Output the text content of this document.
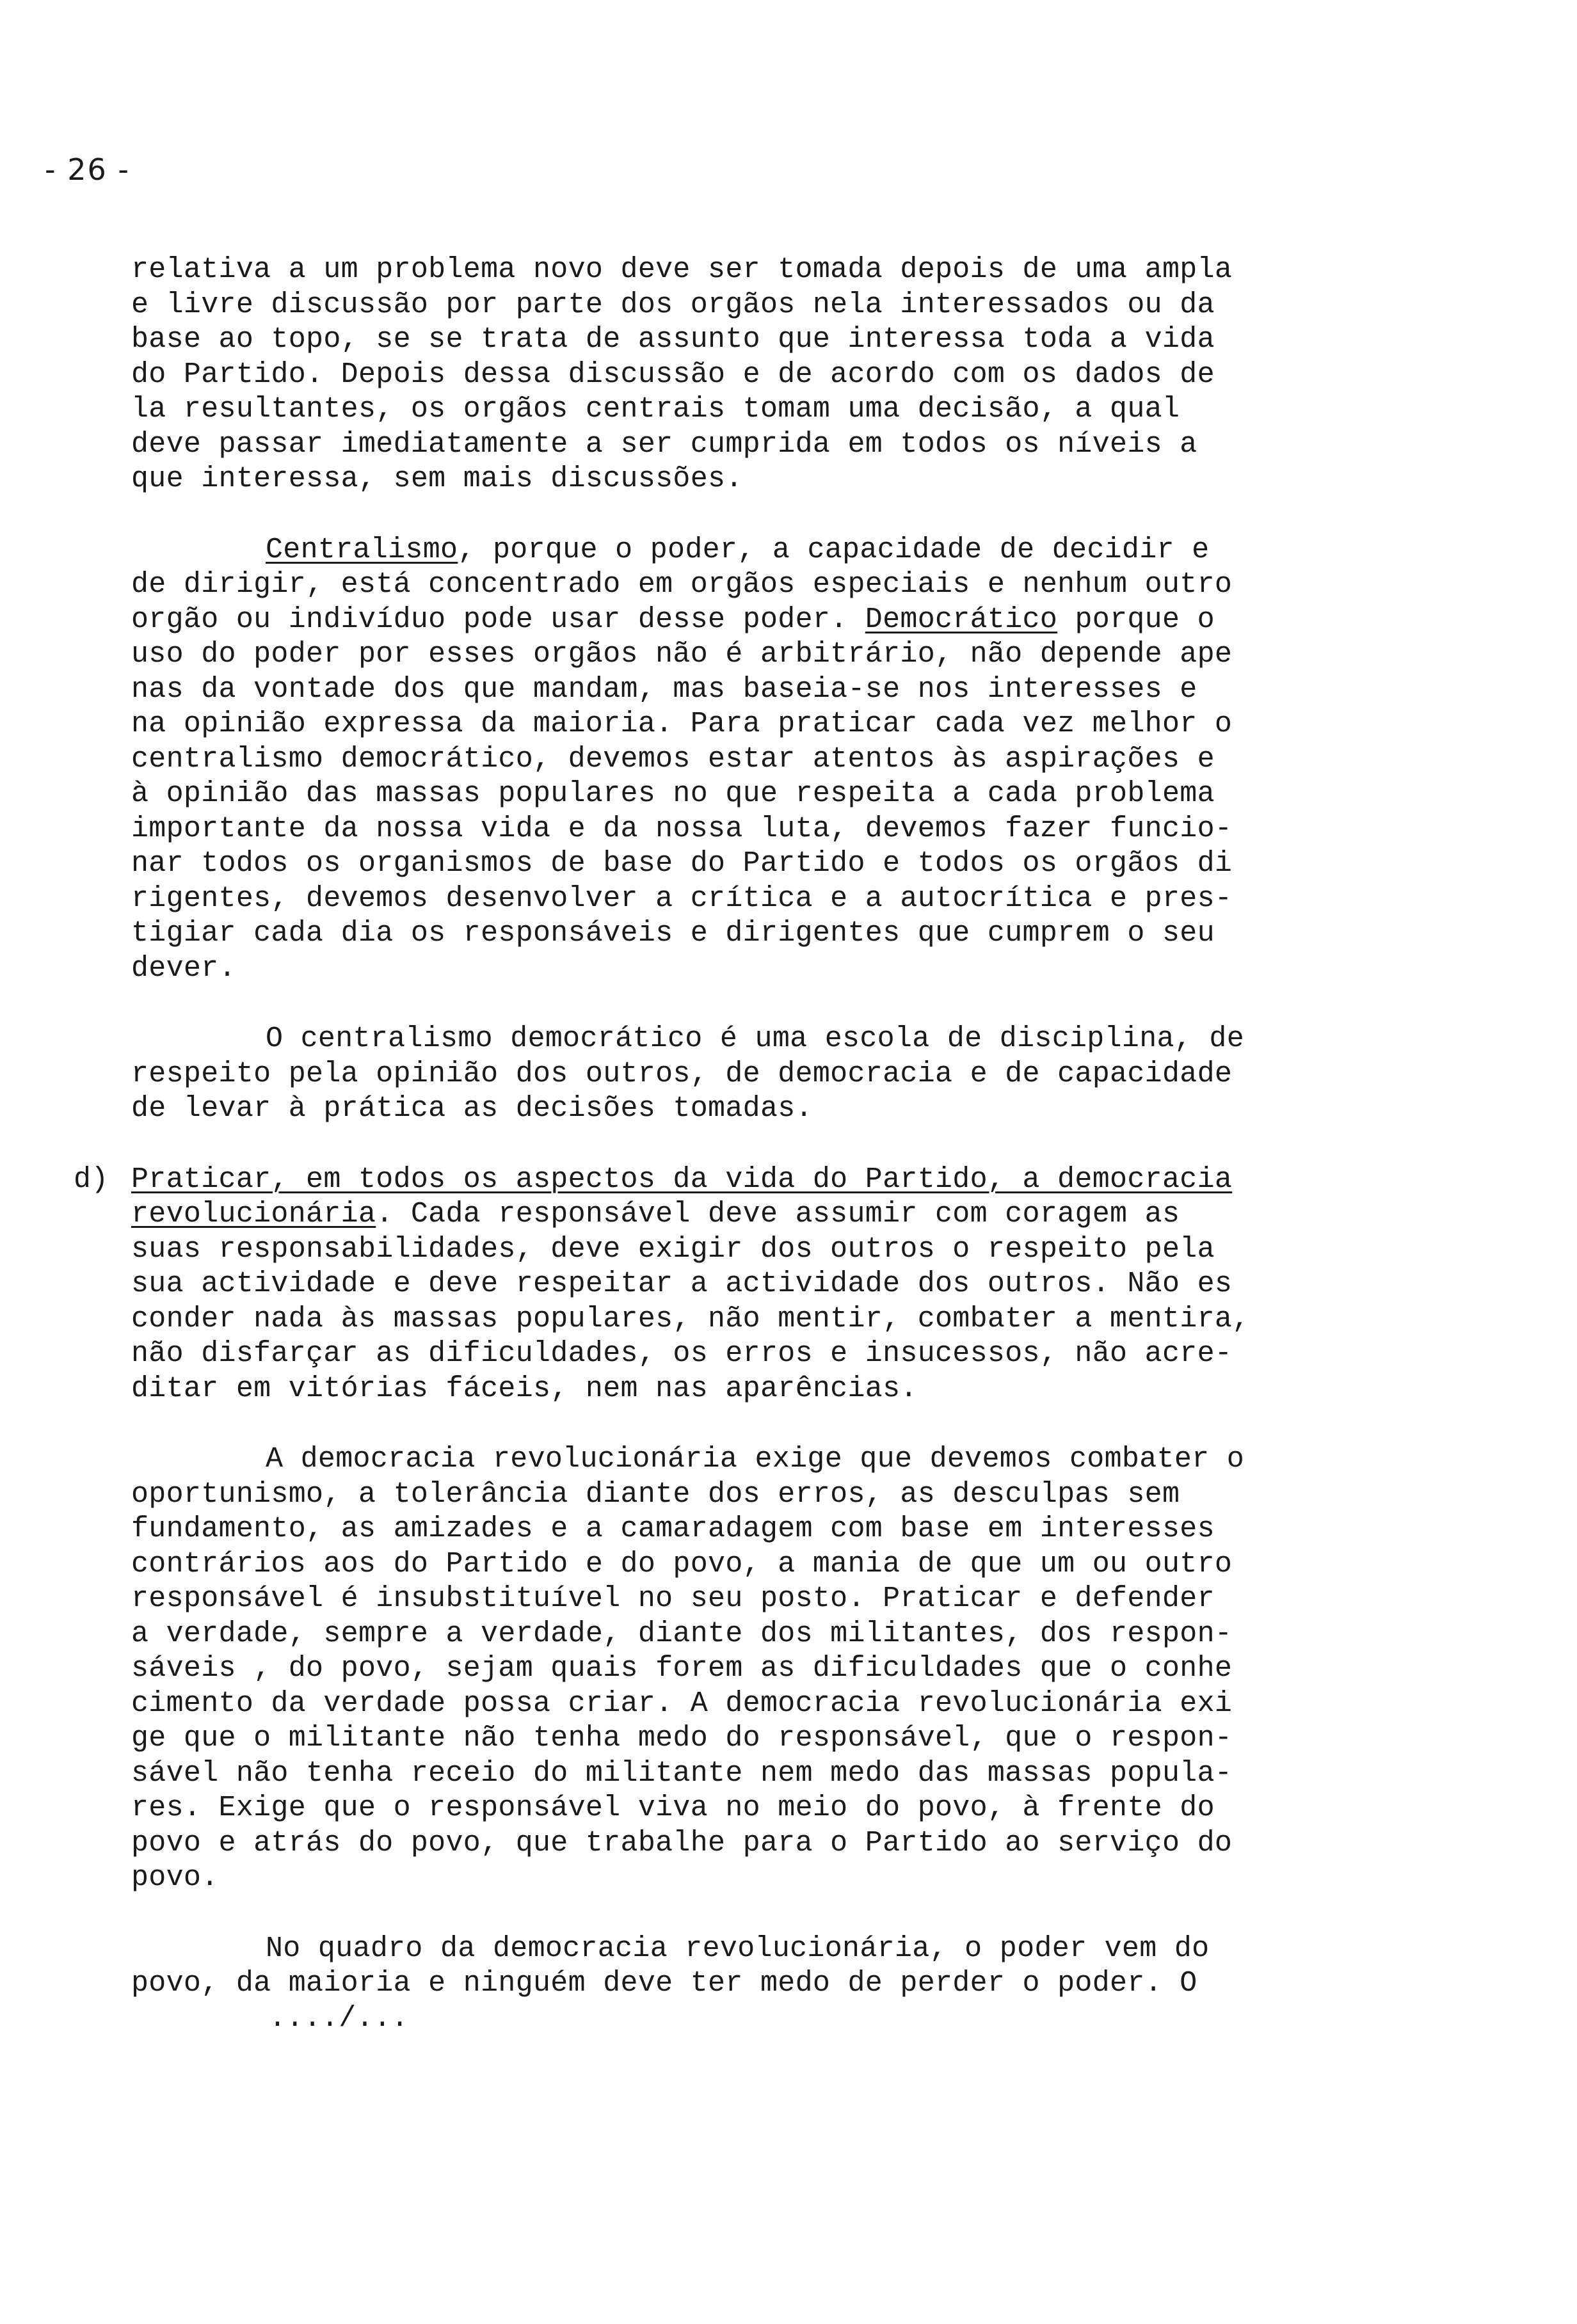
- 26 -
relativa a um problema novo deve ser tomada depois de uma ampla
e livre discussão por parte dos orgãos nela interessados ou da
base ao topo, se se trata de assunto que interessa toda a vida
do Partido. Depois dessa discussão e de acordo com os dados de
la resultantes, os orgãos centrais tomam uma decisão, a qual
deve passar imediatamente a ser cumprida em todos os níveis a
que interessa, sem mais discussões.
Centralismo, porque o poder, a capacidade de decidir e
de dirigir, está concentrado em orgãos especiais e nenhum outro
orgão ou indivíduo pode usar desse poder. Democrático porque o
uso do poder por esses orgãos não é arbitrário, não depende ape
nas da vontade dos que mandam, mas baseia-se nos interesses e
na opinião expressa da maioria. Para praticar cada vez melhor o
centralismo democrático, devemos estar atentos às aspirações e
à opinião das massas populares no que respeita a cada problema
importante da nossa vida e da nossa luta, devemos fazer funcio-
nar todos os organismos de base do Partido e todos os orgãos di
rigentes, devemos desenvolver a crítica e a autocrítica e pres-
tigiar cada dia os responsáveis e dirigentes que cumprem o seu
dever.
O centralismo democrático é uma escola de disciplina, de
respeito pela opinião dos outros, de democracia e de capacidade
de levar à prática as decisões tomadas.
d) Praticar, em todos os aspectos da vida do Partido, a democracia
revolucionária. Cada responsável deve assumir com coragem as
suas responsabilidades, deve exigir dos outros o respeito pela
sua actividade e deve respeitar a actividade dos outros. Não es
conder nada às massas populares, não mentir, combater a mentira,
não disfarçar as dificuldades, os erros e insucessos, não acre-
ditar em vitórias fáceis, nem nas aparências.
A democracia revolucionária exige que devemos combater o
oportunismo, a tolerância diante dos erros, as desculpas sem
fundamento, as amizades e a camaradagem com base em interesses
contrários aos do Partido e do povo, a mania de que um ou outro
responsável é insubstituível no seu posto. Praticar e defender
a verdade, sempre a verdade, diante dos militantes, dos respon-
sáveis , do povo, sejam quais forem as dificuldades que o conhe
cimento da verdade possa criar. A democracia revolucionária exi
ge que o militante não tenha medo do responsável, que o respon-
sável não tenha receio do militante nem medo das massas popula-
res. Exige que o responsável viva no meio do povo, à frente do
povo e atrás do povo, que trabalhe para o Partido ao serviço do
povo.
No quadro da democracia revolucionária, o poder vem do
povo, da maioria e ninguém deve ter medo de perder o poder. O
..../...
